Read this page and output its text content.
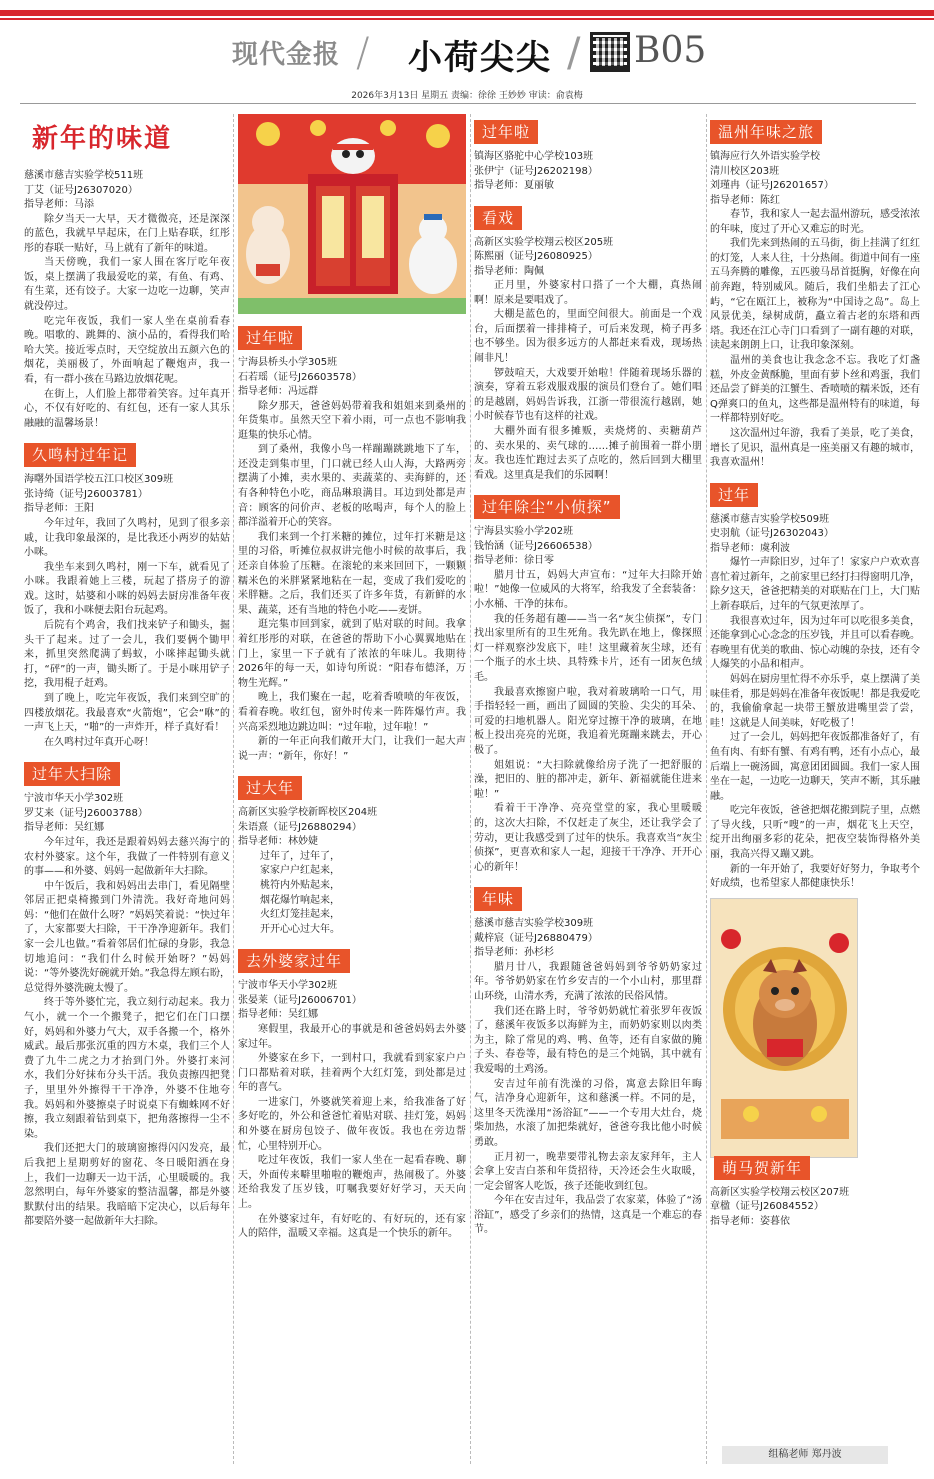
现代金报 / 小荷尖尖 / B05
2026年3月13日 星期五 责编：徐徐 王妙妙 审读：俞袁梅
新年的味道
慈溪市慈吉实验学校511班
丁艾（证号J26307020）
指导老师：马添
除夕当天一大早，天才微微亮，还是深深的蓝色，我就早早起床，在门上贴春联，红彤彤的春联一贴好，马上就有了新年的味道。
当天傍晚，我们一家人围在客厅吃年夜饭，桌上摆满了我最爱吃的菜，有鱼、有鸡、有生菜，还有饺子。大家一边吃一边聊，笑声就没停过。
吃完年夜饭，我们一家人坐在桌前看春晚。唱歌的、跳舞的、演小品的，看得我们哈哈大笑。接近零点时，天空绽放出五颜六色的烟花，美丽极了，外面响起了鞭炮声，我一看，有一群小孩在马路边放烟花呢。
在街上，人们脸上都带着笑容。过年真开心，不仅有好吃的、有红包，还有一家人其乐融融的温馨场景！
久鸣村过年记
海曙外国语学校五江口校区309班
张诗绮（证号J26003781）
指导老师：王阳
今年过年，我回了久鸣村，见到了很多亲戚，让我印象最深的，是比我还小两岁的姑姑小咪。
我坐车来到久鸣村，刚一下车，就看见了小咪。我跟着她上三楼，玩起了搭房子的游戏。这时，姑婆和小咪的妈妈去厨房准备年夜饭了，我和小咪便去阳台玩起鸡。
后院有个鸡舍，我们找来铲子和锄头，掘头干了起来。过了一会儿，我们要俩个锄甲来，抓里突然爬满了蚂蚁，小咪摔起锄头就打，“砰”的一声，锄头断了。于是小咪用铲子挖，我用棍子赶鸡。
到了晚上，吃完年夜饭，我们来到空旷的四楼放烟花。我最喜欢“火箭炮”，它会“咻”的一声飞上天，“啪”的一声炸开，样子真好看！
在久鸣村过年真开心呀！
过年大扫除
宁波市华天小学302班
罗艾来（证号J26003788）
指导老师：吴红娜
今年过年，我还是跟着妈妈去慈兴海宁的农村外婆家。这个年，我做了一件特别有意义的事——和外婆、妈妈一起做新年大扫除。
中午饭后，我和妈妈出去串门，看见隔壁邻居正把桌椅搬到门外清洗。我好奇地问妈妈：“他们在做什么呀？”妈妈笑着说：“快过年了，大家都要大扫除，干干净净迎新年。我们家一会儿也做。”看着邻居们忙碌的身影，我急切地追问：“我们什么时候开始呀？”妈妈说：“等外婆洗好碗就开始。”我急得左顾右盼，总觉得外婆洗碗太慢了。
终于等外婆忙完，我立刻行动起来。我力气小，就一个一个搬凳子，把它们在门口摆好，妈妈和外婆力气大，双手各搬一个，格外威武。最后那张沉重的四方木桌，我们三个人费了九牛二虎之力才抬到门外。外婆打来河水，我们分好抹布分头干活。我负责擦四把凳子，里里外外擦得干干净净，外婆不住地夸我。妈妈和外婆擦桌子时说桌下有蜘蛛网不好擦，我立刻跟着钻到桌下，把角落擦得一尘不染。
我们还把大门的玻璃窗擦得闪闪发亮，最后我把上星期剪好的窗花、冬日暖阳洒在身上，我们一边聊天一边干活，心里暖暖的。我忽然明白，每年外婆家的整洁温馨，都是外婆默默付出的结果。我暗暗下定决心，以后每年都要陪外婆一起做新年大扫除。
过年啦
宁海县桥头小学305班
石若瑶（证号J26603578）
指导老师：冯远群
除夕那天，爸爸妈妈带着我和姐姐来到桑州的年货集市。虽然天空下着小雨，可一点也不影响我逛集的快乐心情。
到了桑州，我像小鸟一样蹦蹦跳跳地下了车，还没走到集市里，门口就已经人山人海，大路两旁摆满了小摊，卖水果的、卖蔬菜的、卖海鲜的，还有各种特色小吃，商品琳琅满目。耳边到处都是声音：顾客的问价声、老板的吆喝声，每个人的脸上都洋溢着开心的笑容。
我们来到一个打米糖的摊位，过年打米糖是这里的习俗，听摊位叔叔讲完他小时候的故事后，我还亲自体验了压糖。在滚轮的来来回回下，一颗颗糯米色的米胖紧紧地粘在一起，变成了我们爱吃的米胖糖。之后，我们还买了许多年货，有新鲜的水果、蔬菜，还有当地的特色小吃——麦饼。
逛完集市回到家，就到了贴对联的时间。我拿着红彤彤的对联，在爸爸的帮助下小心翼翼地贴在门上，家里一下子就有了浓浓的年味儿。我期待2026年的每一天，如诗句所说：“阳春布德泽，万物生光辉。”
晚上，我们聚在一起，吃着香喷喷的年夜饭，看着春晚。收红包，窗外时传来一阵阵爆竹声。我兴高采烈地边跳边叫：“过年啦，过年啦！”
新的一年正向我们敞开大门，让我们一起大声说一声：“新年，你好！”
过大年
高新区实验学校新晖校区204班
朱语熹（证号J26880294）
指导老师：林妙婕
过年了，过年了，
家家户户红起来，
桃符内外贴起来，
烟花爆竹响起来，
火红灯笼挂起来，
开开心心过大年。
去外婆家过年
宁波市华天小学302班
张晏莱（证号J26006701）
指导老师：吴红娜
寒假里，我最开心的事就是和爸爸妈妈去外婆家过年。
外婆家在乡下，一到村口，我就看到家家户户门口都贴着对联，挂着两个大红灯笼，到处都是过年的喜气。
一进家门，外婆就笑着迎上来，给我准备了好多好吃的，外公和爸爸忙着贴对联、挂灯笼，妈妈和外婆在厨房包饺子、做年夜饭。我也在旁边帮忙，心里特别开心。
吃过年夜饭，我们一家人坐在一起看春晚、聊天，外面传来噼里啪啦的鞭炮声，热闹极了。外婆还给我发了压岁钱，叮嘱我要好好学习，天天向上。
在外婆家过年，有好吃的、有好玩的，还有家人的陪伴，温暖又幸福。这真是一个快乐的新年。
过年啦
镇海区骆驼中心学校103班
张伊宁（证号J26202198）
指导老师：夏丽敏
看戏
高新区实验学校翔云校区205班
陈熙丽（证号J26080925）
指导老师：陶佩
正月里，外婆家村口搭了一个大棚，真热闹啊！原来是要唱戏了。
大棚是蓝色的，里面空间很大。前面是一个戏台，后面摆着一排排椅子，可后来发现，椅子再多也不够坐。因为很多远方的人都赶来看戏，现场热闹非凡！
锣鼓喧天，大戏要开始啦！伴随着现场乐器的演奏，穿着五彩戏服戏服的演员们登台了。她们唱的是越剧，妈妈告诉我，江浙一带很流行越剧，她小时候春节也有这样的社戏。
大棚外面有很多摊贩，卖烧烤的、卖糖葫芦的、卖水果的、卖气球的……摊子前围着一群小朋友。我也连忙跑过去买了点吃的，然后回到大棚里看戏。这里真是我们的乐园啊！
过年除尘“小侦探”
宁海县实验小学202班
钱怡涵（证号J26606538）
指导老师：徐日零
腊月廿五，妈妈大声宣布：“过年大扫除开始啦！”她像一位威风的大将军，给我发了全套装备：小水桶、干净的抹布。
我的任务超有趣——当一名“灰尘侦探”，专门找出家里所有的卫生死角。我先趴在地上，像探照灯一样观察沙发底下，哇！这里藏着灰尘球，还有一个瓶子的水土块、具特殊卡片，还有一团灰色绒毛。
我最喜欢擦窗户啦，我对着玻璃哈一口气，用手指轻轻一画，画出了圆圆的笑脸、尖尖的耳朵、可爱的扫地机器人。阳光穿过擦干净的玻璃，在地板上投出亮亮的光斑，我追着光斑蹦来跳去，开心极了。
姐姐说：“大扫除就像给房子洗了一把舒服的澡，把旧的、脏的都冲走，新年、新福就能住进来啦！”
看着干干净净、亮亮堂堂的家，我心里暖暖的，这次大扫除，不仅赶走了灰尘，还让我学会了劳动，更让我感受到了过年的快乐。我喜欢当“灰尘侦探”，更喜欢和家人一起，迎接干干净净、开开心心的新年！
年味
慈溪市慈吉实验学校309班
戴梓宸（证号J26880479）
指导老师：孙杉杉
腊月廿八，我跟随爸爸妈妈到爷爷奶奶家过年。爷爷奶奶家在竹乡安吉的一个小山村，那里群山环绕，山清水秀，充满了浓浓的民俗风情。
我们还在路上时，爷爷奶奶就忙着张罗年夜饭了，慈溪年夜饭多以海鲜为主，而奶奶家则以肉类为主，除了常见的鸡、鸭、鱼等，还有自家做的腌子头、春卷等，最有特色的是三个炖锅，其中就有我爱喝的土鸡汤。
安吉过年前有洗澡的习俗，寓意去除旧年晦气，洁净身心迎新年，这和慈溪一样。不同的是，这里冬天洗澡用“汤浴缸”——一个专用大灶台，烧柴加热，水滚了加把柴就好，爸爸夸我比他小时候勇敢。
正月初一，晚辈要带礼物去亲友家拜年，主人会拿上安吉白茶和年货招待，天冷还会生火取暖，一定会留客人吃饭，孩子还能收到红包。
今年在安吉过年，我品尝了农家菜，体验了“汤浴缸”，感受了乡亲们的热情，这真是一个难忘的春节。
温州年味之旅
镇海应行久外语实验学校
清川校区203班
刘瑾冉（证号J26201657）
指导老师：陈红
春节，我和家人一起去温州游玩，感受浓浓的年味，度过了开心又难忘的时光。
我们先来到热闹的五马街，街上挂满了红红的灯笼，人来人往，十分热闹。街道中间有一座五马奔腾的雕像，五匹骏马昂首挺胸，好像在向前奔跑，特别威风。随后，我们坐船去了江心屿，“它在瓯江上，被称为“中国诗之岛”。岛上风景优美，绿树成荫，矗立着古老的东塔和西塔。我还在江心寺门口看到了一副有趣的对联，读起来朗朗上口，让我印象深刻。
温州的美食也让我念念不忘。我吃了灯盏糕，外皮金黄酥脆，里面有萝卜丝和鸡蛋，我们还品尝了鲜美的江蟹生、香喷喷的糯米饭，还有Q弹爽口的鱼丸，这些都是温州特有的味道，每一样都特别好吃。
这次温州过年游，我看了美景，吃了美食，增长了见识，温州真是一座美丽又有趣的城市，我喜欢温州！
过年
慈溪市慈吉实验学校509班
史羽航（证号J26302043）
指导老师：虞利波
爆竹一声除旧岁，过年了！家家户户欢欢喜喜忙着过新年，之前家里已经打扫得窗明几净，除夕这天，爸爸把精美的对联贴在门上，大门贴上新春联后，过年的气氛更浓厚了。
我很喜欢过年，因为过年可以吃很多美食，还能拿到心心念念的压岁钱，并且可以看春晚。春晚里有优美的歌曲、惊心动魄的杂技，还有令人爆笑的小品和相声。
妈妈在厨房里忙得不亦乐乎，桌上摆满了美味佳肴，那是妈妈在准备年夜饭呢！都是我爱吃的，我偷偷拿起一块带王蟹放进嘴里尝了尝，哇！这就是人间美味，好吃极了！
过了一会儿，妈妈把年夜饭都准备好了，有鱼有肉、有虾有蟹、有鸡有鸭，还有小点心，最后端上一碗汤圆，寓意团团圆圆。我们一家人围坐在一起，一边吃一边聊天，笑声不断，其乐融融。
吃完年夜饭，爸爸把烟花搬到院子里，点燃了导火线，只听“嗖”的一声，烟花飞上天空，绽开出绚丽多彩的花朵，把夜空装饰得格外美丽，我高兴得又蹦又跳。
新的一年开始了，我要好好努力，争取考个好成绩，也希望家人都健康快乐！
萌马贺新年
高新区实验学校翔云校区207班
章楹（证号J26084552）
指导老师：姿暮依
组稿老师 郑丹波
